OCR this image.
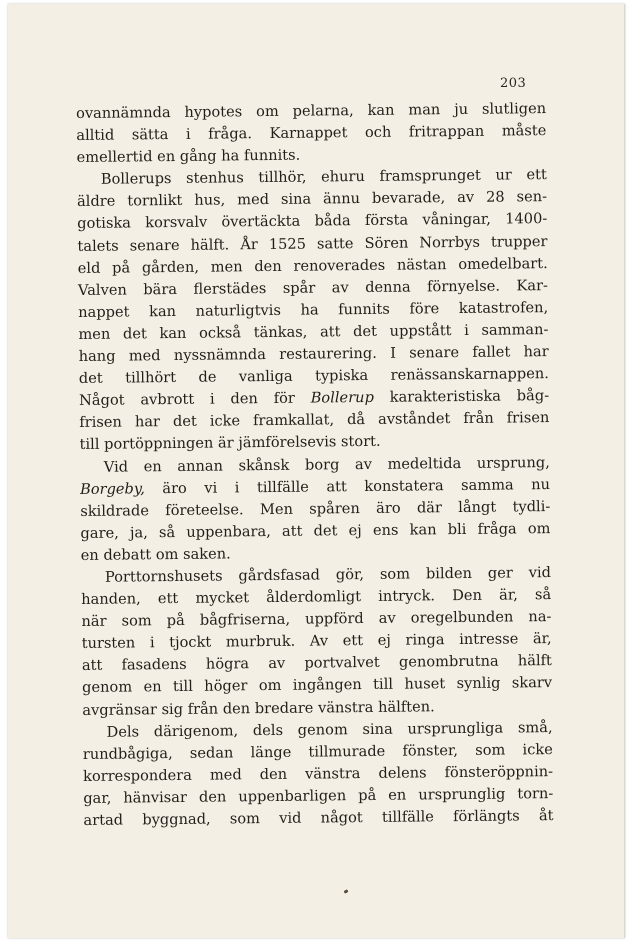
203
ovannämnda hypotes om pelarna, kan man ju slutligen
alltid sätta i fråga. Karnappet och fritrappan måste
emellertid en gång ha funnits.
Bollerups stenhus tillhör, ehuru framsprunget ur ett
äldre tornlikt hus, med sina ännu bevarade, av 28 sen-
gotiska korsvalv övertäckta båda första våningar, 1400-
talets senare hälft. År 1525 satte Sören Norrbys trupper
eld på gården, men den renoverades nästan omedelbart.
Valven bära flerstädes spår av denna förnyelse. Kar-
nappet kan naturligtvis ha funnits före katastrofen,
men det kan också tänkas, att det uppstått i samman-
hang med nyssnämnda restaurering. I senare fallet har
det tillhört de vanliga typiska renässanskarnappen.
Något avbrott i den för Bollerup karakteristiska båg-
frisen har det icke framkallat, då avståndet från frisen
till portöppningen är jämförelsevis stort.
Vid en annan skånsk borg av medeltida ursprung,
Borgeby, äro vi i tillfälle att konstatera samma nu
skildrade företeelse. Men spåren äro där långt tydli-
gare, ja, så uppenbara, att det ej ens kan bli fråga om
en debatt om saken.
Porttornshusets gårdsfasad gör, som bilden ger vid
handen, ett mycket ålderdomligt intryck. Den är, så
när som på bågfriserna, uppförd av oregelbunden na-
tursten i tjockt murbruk. Av ett ej ringa intresse är,
att fasadens högra av portvalvet genombrutna hälft
genom en till höger om ingången till huset synlig skarv
avgränsar sig från den bredare vänstra hälften.
Dels därigenom, dels genom sina ursprungliga små,
rundbågiga, sedan länge tillmurade fönster, som icke
korrespondera med den vänstra delens fönsteröppnin-
gar, hänvisar den uppenbarligen på en ursprunglig torn-
artad byggnad, som vid något tillfälle förlängts åt
